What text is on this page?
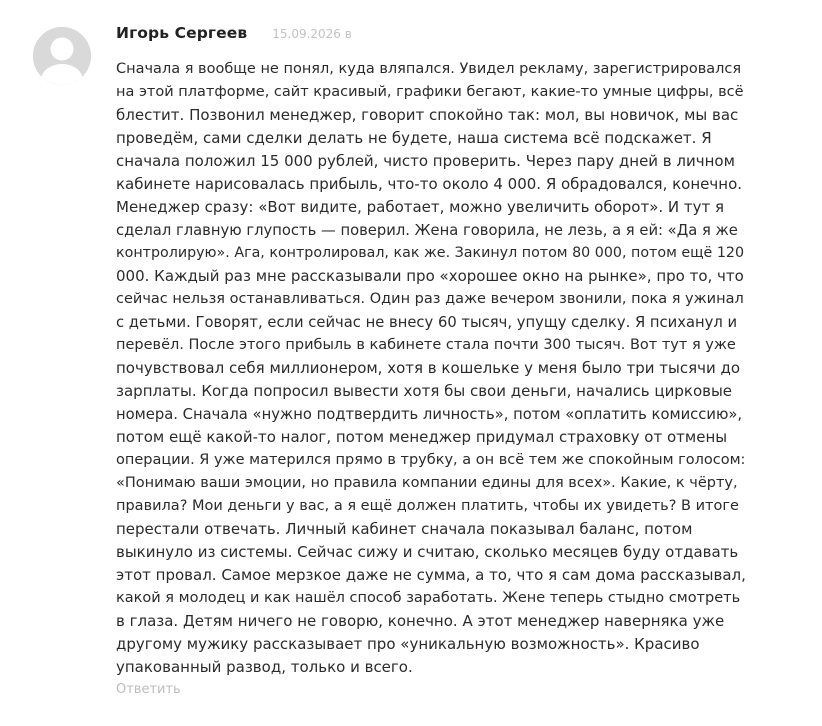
Игорь Сергеев 15.09.2026 в
Сначала я вообще не понял, куда вляпался. Увидел рекламу, зарегистрировался
на этой платформе, сайт красивый, графики бегают, какие-то умные цифры, всё
блестит. Позвонил менеджер, говорит спокойно так: мол, вы новичок, мы вас
проведём, сами сделки делать не будете, наша система всё подскажет. Я
сначала положил 15 000 рублей, чисто проверить. Через пару дней в личном
кабинете нарисовалась прибыль, что-то около 4 000. Я обрадовался, конечно.
Менеджер сразу: «Вот видите, работает, можно увеличить оборот». И тут я
сделал главную глупость — поверил. Жена говорила, не лезь, а я ей: «Да я же
контролирую». Ага, контролировал, как же. Закинул потом 80 000, потом ещё 120
000. Каждый раз мне рассказывали про «хорошее окно на рынке», про то, что
сейчас нельзя останавливаться. Один раз даже вечером звонили, пока я ужинал
с детьми. Говорят, если сейчас не внесу 60 тысяч, упущу сделку. Я психанул и
перевёл. После этого прибыль в кабинете стала почти 300 тысяч. Вот тут я уже
почувствовал себя миллионером, хотя в кошельке у меня было три тысячи до
зарплаты. Когда попросил вывести хотя бы свои деньги, начались цирковые
номера. Сначала «нужно подтвердить личность», потом «оплатить комиссию»,
потом ещё какой-то налог, потом менеджер придумал страховку от отмены
операции. Я уже матерился прямо в трубку, а он всё тем же спокойным голосом:
«Понимаю ваши эмоции, но правила компании едины для всех». Какие, к чёрту,
правила? Мои деньги у вас, а я ещё должен платить, чтобы их увидеть? В итоге
перестали отвечать. Личный кабинет сначала показывал баланс, потом
выкинуло из системы. Сейчас сижу и считаю, сколько месяцев буду отдавать
этот провал. Самое мерзкое даже не сумма, а то, что я сам дома рассказывал,
какой я молодец и как нашёл способ заработать. Жене теперь стыдно смотреть
в глаза. Детям ничего не говорю, конечно. А этот менеджер наверняка уже
другому мужику рассказывает про «уникальную возможность». Красиво
упакованный развод, только и всего.
Ответить
